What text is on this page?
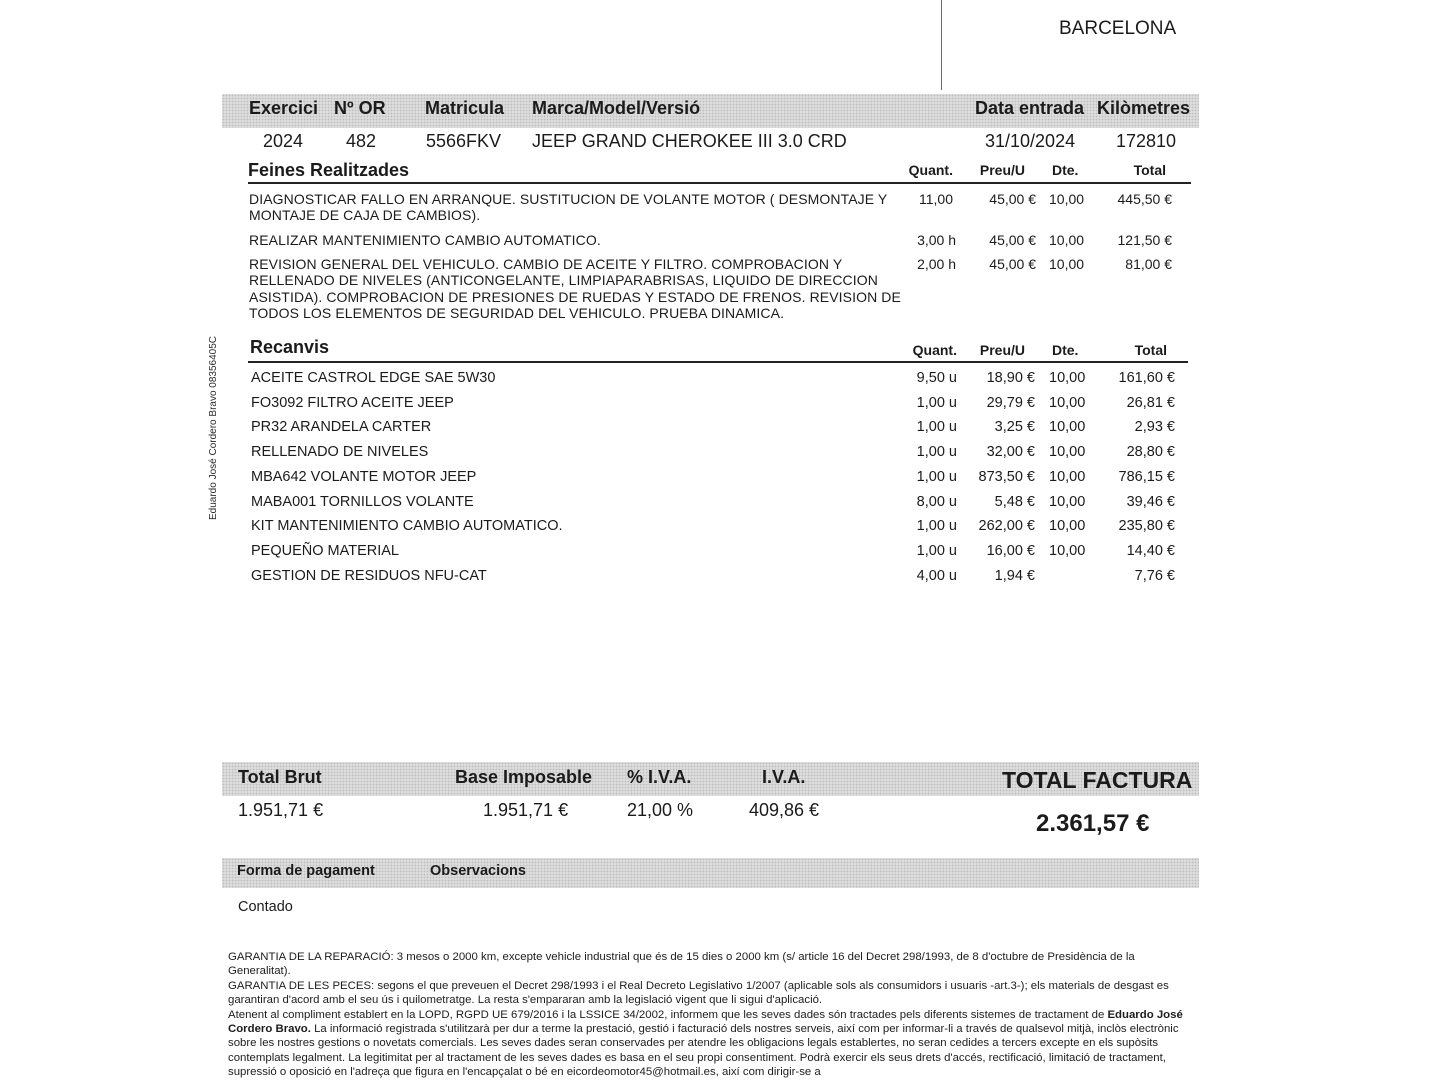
BARCELONA
Eduardo José Cordero Bravo 08356405C
Exercici Nº OR Matricula Marca/Model/Versió	Data entrada Kilòmetres
2024 482	5566FKV JEEP GRAND CHEROKEE III 3.0 CRD	31/10/2024 172810
Feines Realitzades	Quant.	Preu/U Dte.	Total
DIAGNOSTICAR FALLO EN ARRANQUE. SUSTITUCION DE VOLANTE MOTOR ( DESMONTAJE Y MONTAJE DE CAJA DE CAMBIOS).
11,00	45,00 € 10,00	445,50 €
REALIZAR MANTENIMIENTO CAMBIO AUTOMATICO.	3,00 h	45,00 € 10,00	121,50 €
REVISION GENERAL DEL VEHICULO. CAMBIO DE ACEITE Y FILTRO. COMPROBACION Y RELLENADO DE NIVELES (ANTICONGELANTE, LIMPIAPARABRISAS, LIQUIDO DE DIRECCION ASISTIDA). COMPROBACION DE PRESIONES DE RUEDAS Y ESTADO DE FRENOS. REVISION DE TODOS LOS ELEMENTOS DE SEGURIDAD DEL VEHICULO. PRUEBA DINAMICA.
2,00 h	45,00 € 10,00	81,00 €
Recanvis	Quant.	Preu/U Dte.	Total
ACEITE CASTROL EDGE SAE 5W30	9,50 u	18,90 € 10,00	161,60 €
FO3092 FILTRO ACEITE JEEP	1,00 u	29,79 € 10,00	26,81 €
PR32 ARANDELA CARTER	1,00 u	3,25 € 10,00	2,93 €
RELLENADO DE NIVELES	1,00 u	32,00 € 10,00	28,80 €
MBA642 VOLANTE MOTOR JEEP	1,00 u	873,50 € 10,00	786,15 €
MABA001 TORNILLOS VOLANTE	8,00 u	5,48 € 10,00	39,46 €
KIT MANTENIMIENTO CAMBIO AUTOMATICO.	1,00 u	262,00 € 10,00	235,80 €
PEQUEÑO MATERIAL	1,00 u	16,00 € 10,00	14,40 €
GESTION DE RESIDUOS NFU-CAT	4,00 u	1,94 €	7,76 €
Total Brut	Base Imposable % I.V.A.	I.V.A.	TOTAL FACTURA
1.951,71 €	1.951,71 €	21,00 %	409,86 €	2.361,57 €
Forma de pagament	Observacions
Contado

GARANTIA DE LA REPARACIÓ: 3 mesos o 2000 km, excepte vehicle industrial que és de 15 dies o 2000 km (s/ article 16 del Decret 298/1993, de 8 d'octubre de Presidència de la Generalitat).

GARANTIA DE LES PECES: segons el que preveuen el Decret 298/1993 i el Real Decreto Legislativo 1/2007 (aplicable sols als consumidors i usuaris -art.3-); els materials de desgast es garantiran d'acord amb el seu ús i quilometratge. La resta s'empararan amb la legislació vigent que li sigui d'aplicació.

Atenent al compliment establert en la LOPD, RGPD UE 679/2016 i la LSSICE 34/2002, informem que les seves dades són tractades pels diferents sistemes de tractament de Eduardo José Cordero Bravo. La informació registrada s'utilitzarà per dur a terme la prestació, gestió i facturació dels nostres serveis, així com per informar-li a través de qualsevol mitjà, inclòs electrònic sobre les nostres gestions o novetats comercials. Les seves dades seran conservades per atendre les obligacions legals establertes, no seran cedides a tercers excepte en els supòsits contemplats legalment. La legitimitat per al tractament de les seves dades es basa en el seu propi consentiment. Podrà exercir els seus drets d'accés, rectificació, limitació de tractament, supressió o oposició en l'adreça que figura en l'encapçalat o bé en eicordeomotor45@hotmail.es, així com dirigir-se a
